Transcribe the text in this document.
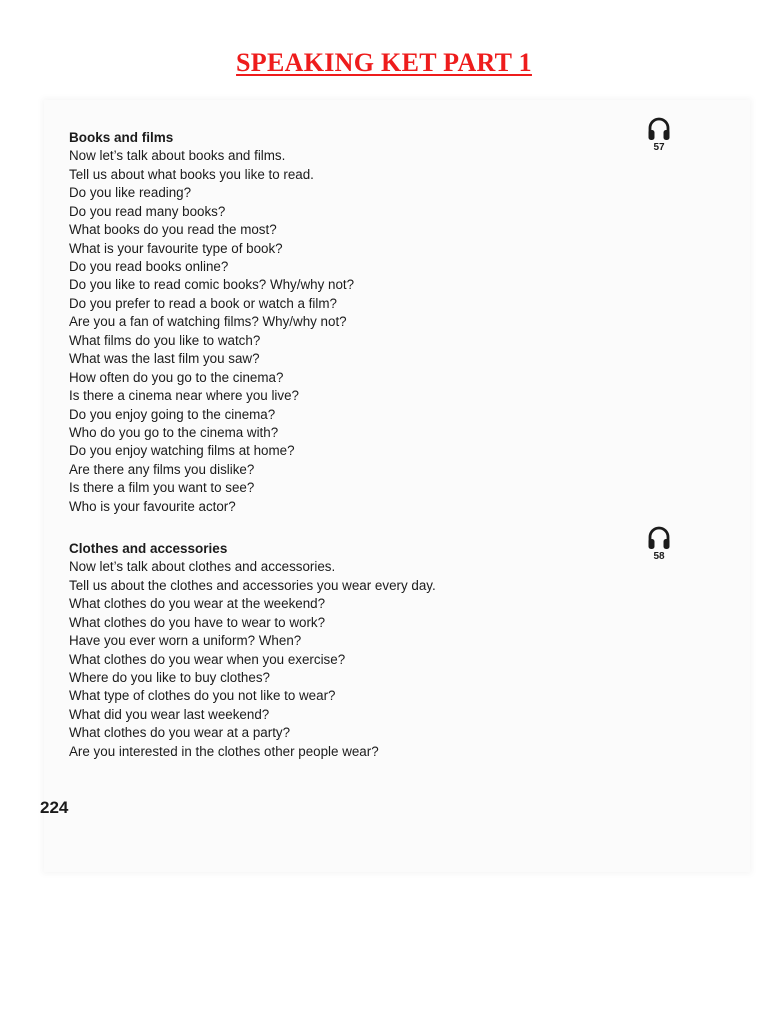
SPEAKING KET PART 1
Books and films
Now let’s talk about books and films.
Tell us about what books you like to read.
Do you like reading?
Do you read many books?
What books do you read the most?
What is your favourite type of book?
Do you read books online?
Do you like to read comic books? Why/why not?
Do you prefer to read a book or watch a film?
Are you a fan of watching films? Why/why not?
What films do you like to watch?
What was the last film you saw?
How often do you go to the cinema?
Is there a cinema near where you live?
Do you enjoy going to the cinema?
Who do you go to the cinema with?
Do you enjoy watching films at home?
Are there any films you dislike?
Is there a film you want to see?
Who is your favourite actor?
57
Clothes and accessories
Now let’s talk about clothes and accessories.
Tell us about the clothes and accessories you wear every day.
What clothes do you wear at the weekend?
What clothes do you have to wear to work?
Have you ever worn a uniform? When?
What clothes do you wear when you exercise?
Where do you like to buy clothes?
What type of clothes do you not like to wear?
What did you wear last weekend?
What clothes do you wear at a party?
Are you interested in the clothes other people wear?
58
224
